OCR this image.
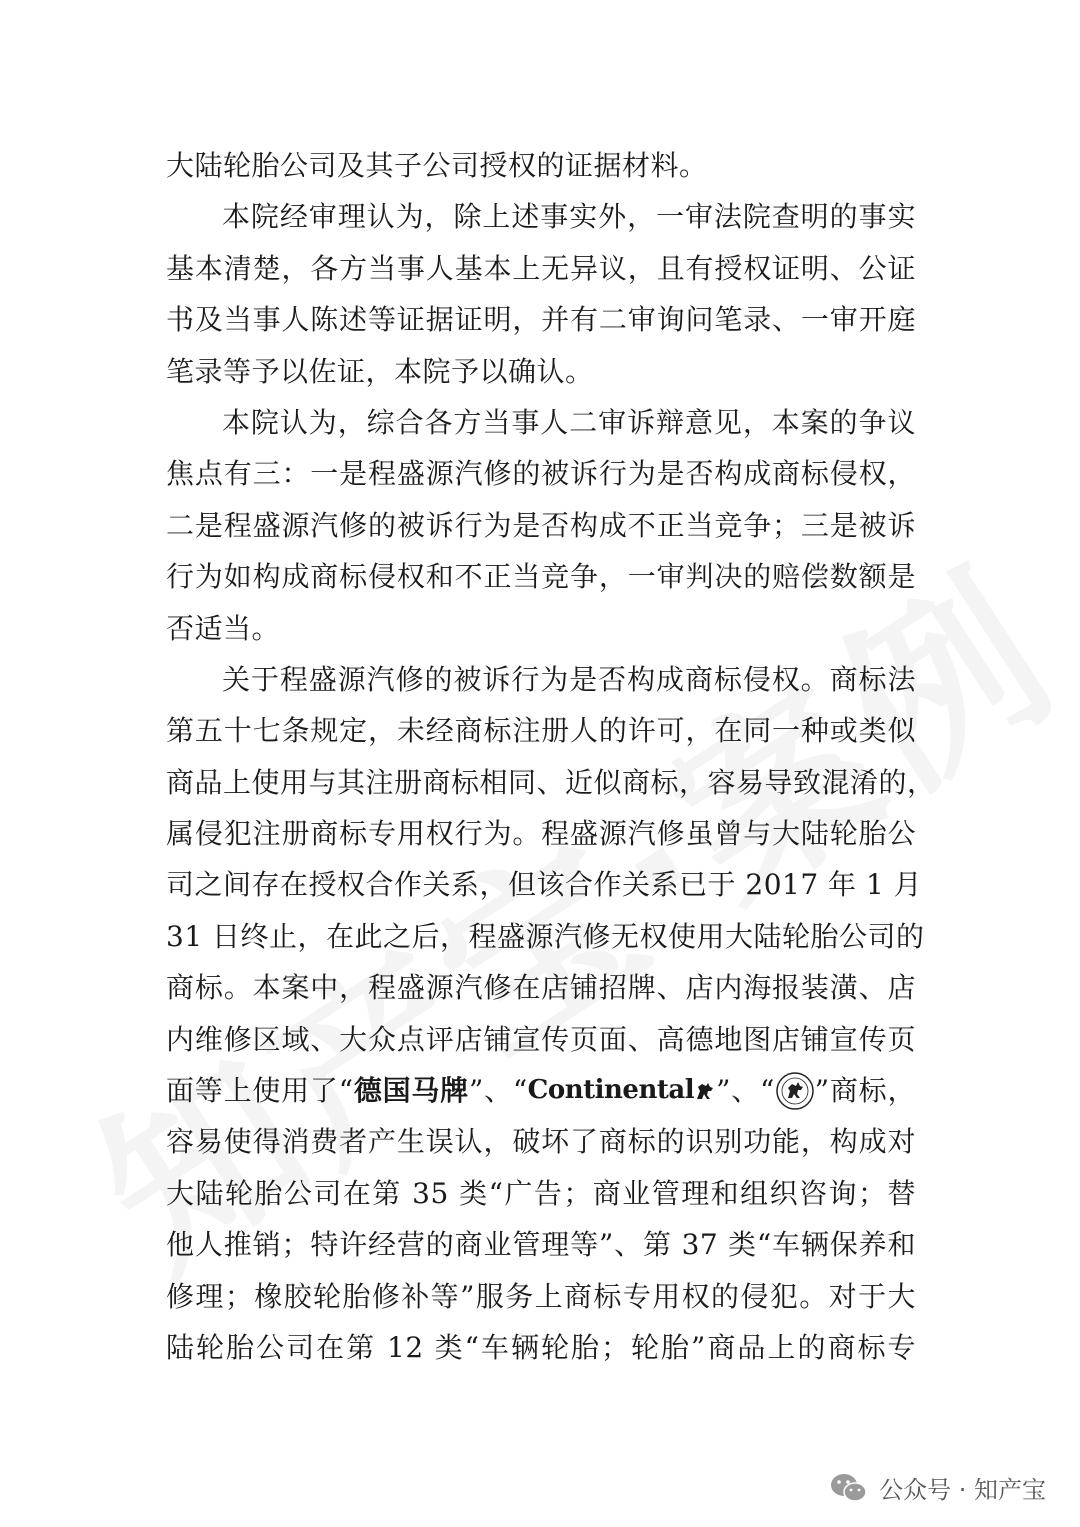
大陆轮胎公司及其子公司授权的证据材料。
本院经审理认为，除上述事实外，一审法院查明的事实
基本清楚，各方当事人基本上无异议，且有授权证明、公证
书及当事人陈述等证据证明，并有二审询问笔录、一审开庭
笔录等予以佐证，本院予以确认。
本院认为，综合各方当事人二审诉辩意见，本案的争议
焦点有三：一是程盛源汽修的被诉行为是否构成商标侵权，
二是程盛源汽修的被诉行为是否构成不正当竞争；三是被诉
行为如构成商标侵权和不正当竞争，一审判决的赔偿数额是
否适当。
关于程盛源汽修的被诉行为是否构成商标侵权。商标法
第五十七条规定，未经商标注册人的许可，在同一种或类似
商品上使用与其注册商标相同、近似商标，容易导致混淆的，
属侵犯注册商标专用权行为。程盛源汽修虽曾与大陆轮胎公
司之间存在授权合作关系，但该合作关系已于 2017 年 1 月
31 日终止，在此之后，程盛源汽修无权使用大陆轮胎公司的
商标。本案中，程盛源汽修在店铺招牌、店内海报装潢、店
内维修区域、大众点评店铺宣传页面、高德地图店铺宣传页
面等上使用了“德国马牌”、“Continental ”、“ ”商标，
容易使得消费者产生误认，破坏了商标的识别功能，构成对
大陆轮胎公司在第 35 类“广告；商业管理和组织咨询；替
他人推销；特许经营的商业管理等”、第 37 类“车辆保养和
修理；橡胶轮胎修补等”服务上商标专用权的侵犯。对于大
陆轮胎公司在第 12 类“车辆轮胎；轮胎”商品上的商标专
公众号 · 知产宝
